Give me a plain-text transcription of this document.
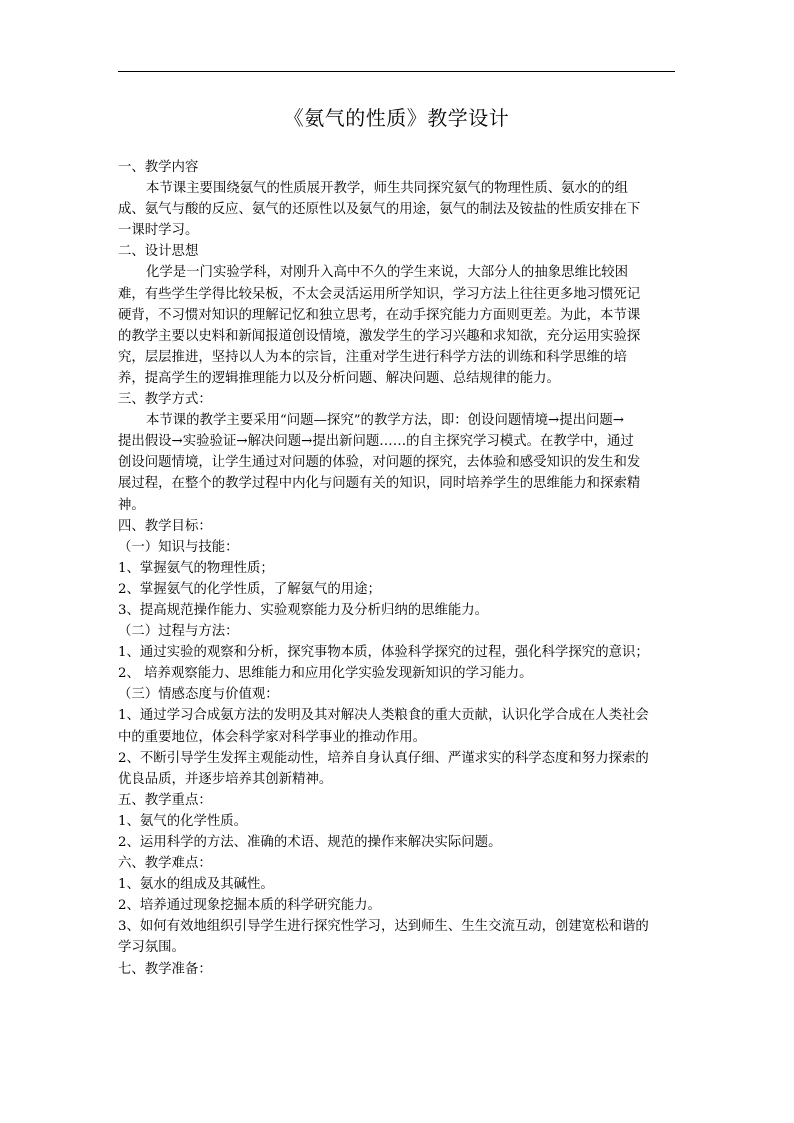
《氨气的性质》教学设计
一、教学内容
本节课主要围绕氨气的性质展开教学，师生共同探究氨气的物理性质、氨水的的组
成、氨气与酸的反应、氨气的还原性以及氨气的用途，氨气的制法及铵盐的性质安排在下
一课时学习。
二、设计思想
化学是一门实验学科，对刚升入高中不久的学生来说，大部分人的抽象思维比较困
难，有些学生学得比较呆板，不太会灵活运用所学知识，学习方法上往往更多地习惯死记
硬背，不习惯对知识的理解记忆和独立思考，在动手探究能力方面则更差。为此，本节课
的教学主要以史料和新闻报道创设情境，激发学生的学习兴趣和求知欲，充分运用实验探
究，层层推进，坚持以人为本的宗旨，注重对学生进行科学方法的训练和科学思维的培
养，提高学生的逻辑推理能力以及分析问题、解决问题、总结规律的能力。
三、教学方式：
本节课的教学主要采用“问题—探究”的教学方法，即：创设问题情境→提出问题→
提出假设→实验验证→解决问题→提出新问题……的自主探究学习模式。在教学中，通过
创设问题情境，让学生通过对问题的体验，对问题的探究，去体验和感受知识的发生和发
展过程，在整个的教学过程中内化与问题有关的知识，同时培养学生的思维能力和探索精
神。
四、教学目标：
（一）知识与技能：
1、掌握氨气的物理性质；
2、掌握氨气的化学性质，了解氨气的用途；
3、提高规范操作能力、实验观察能力及分析归纳的思维能力。
（二）过程与方法：
1、通过实验的观察和分析，探究事物本质，体验科学探究的过程，强化科学探究的意识；
2、 培养观察能力、思维能力和应用化学实验发现新知识的学习能力。
（三）情感态度与价值观：
1、通过学习合成氨方法的发明及其对解决人类粮食的重大贡献，认识化学合成在人类社会
中的重要地位，体会科学家对科学事业的推动作用。
2、不断引导学生发挥主观能动性，培养自身认真仔细、严谨求实的科学态度和努力探索的
优良品质，并逐步培养其创新精神。
五、教学重点：
1、氨气的化学性质。
2、运用科学的方法、准确的术语、规范的操作来解决实际问题。
六、教学难点：
1、氨水的组成及其碱性。
2、培养通过现象挖掘本质的科学研究能力。
3、如何有效地组织引导学生进行探究性学习，达到师生、生生交流互动，创建宽松和谐的
学习氛围。
七、教学准备：
